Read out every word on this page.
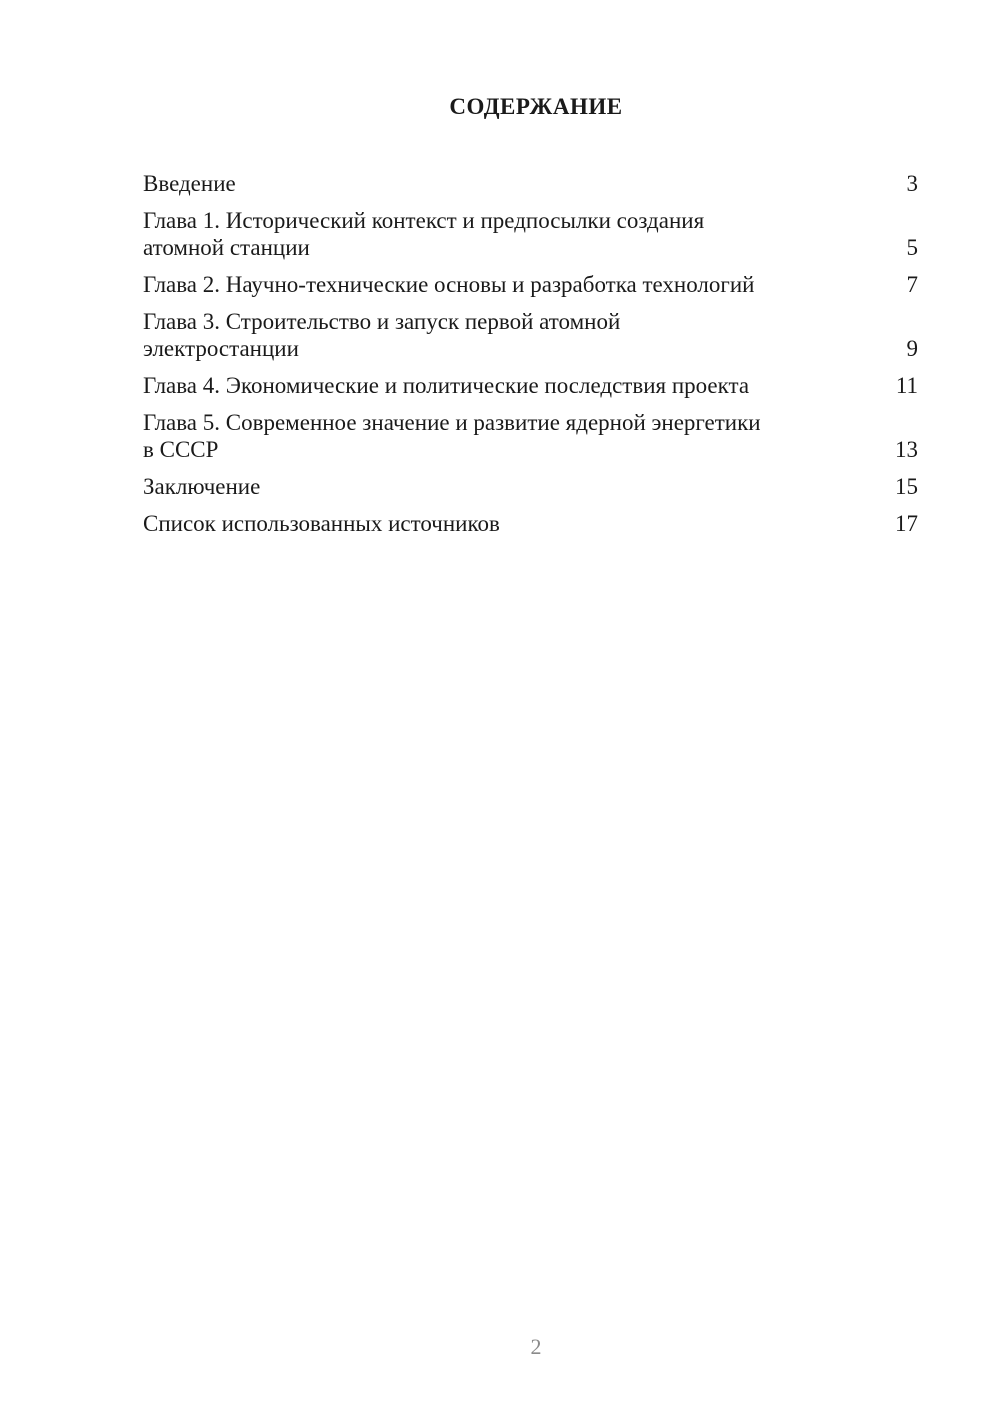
СОДЕРЖАНИЕ
Введение	3
Глава 1. Исторический контекст и предпосылки создания
атомной станции	5
Глава 2. Научно-технические основы и разработка технологий	7
Глава 3. Строительство и запуск первой атомной
электростанции	9
Глава 4. Экономические и политические последствия проекта	11
Глава 5. Современное значение и развитие ядерной энергетики
в СССР	13
Заключение	15
Список использованных источников	17
2
